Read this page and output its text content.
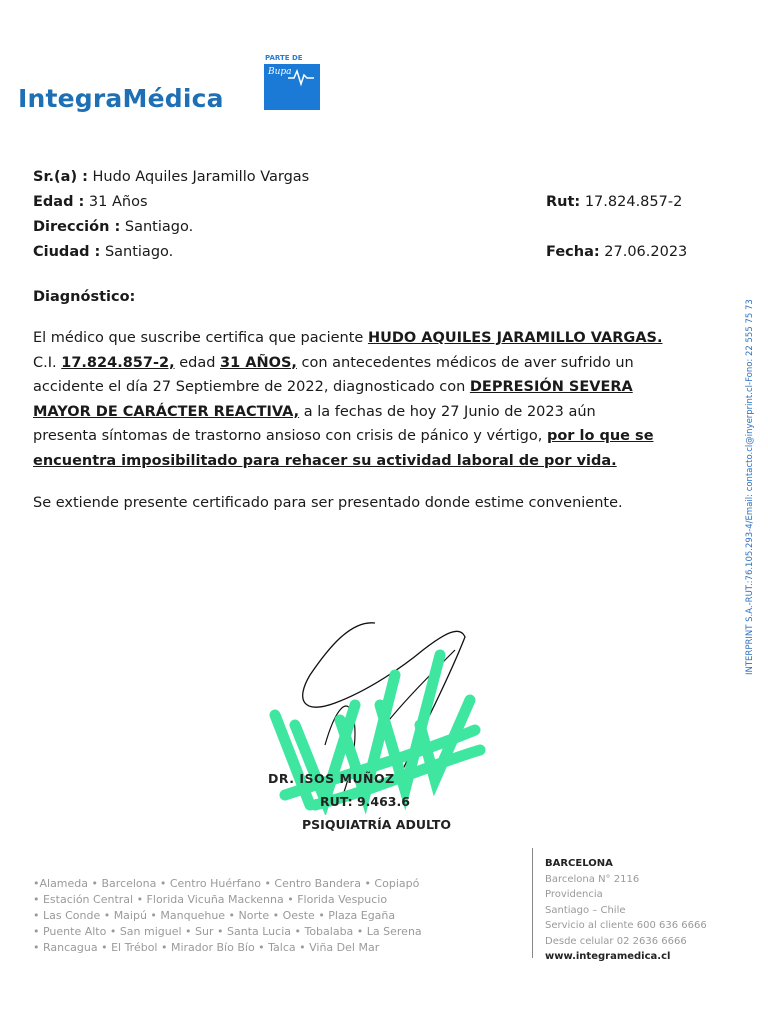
IntegraMédica
PARTE DE
Bupa
Sr.(a) : Hudo Aquiles Jaramillo Vargas
Edad : 31 Años	Rut: 17.824.857-2
Dirección : Santiago.
Ciudad : Santiago.	Fecha: 27.06.2023
Diagnóstico:
El médico que suscribe certifica que paciente HUDO AQUILES JARAMILLO VARGAS.
C.I. 17.824.857-2, edad 31 AÑOS, con antecedentes médicos de aver sufrido un
accidente el día 27 Septiembre de 2022, diagnosticado con DEPRESIÓN SEVERA
MAYOR DE CARÁCTER REACTIVA, a la fechas de hoy 27 Junio de 2023 aún
presenta síntomas de trastorno ansioso con crisis de pánico y vértigo, por lo que se
encuentra imposibilitado para rehacer su actividad laboral de por vida.
Se extiende presente certificado para ser presentado donde estime conveniente.	INTERPRINT S.A.-RUT.:76.105.293-4/Email: contacto.cl@inyerprint.cl-Fono: 22 555 75 73
DR. ISOS MUÑOZ
RUT: 9.463.6
PSIQUIATRÍA ADULTO
•Alameda • Barcelona • Centro Huérfano • Centro Bandera • Copiapó
• Estación Central • Florida Vicuña Mackenna • Florida Vespucio
• Las Conde • Maipú • Manquehue • Norte • Oeste • Plaza Egaña
• Puente Alto • San miguel • Sur • Santa Lucia • Tobalaba • La Serena
• Rancagua • El Trébol • Mirador Bío Bío • Talca • Viña Del Mar
BARCELONA
Barcelona N° 2116
Providencia
Santiago – Chile
Servicio al cliente 600 636 6666
Desde celular 02 2636 6666
www.integramedica.cl
